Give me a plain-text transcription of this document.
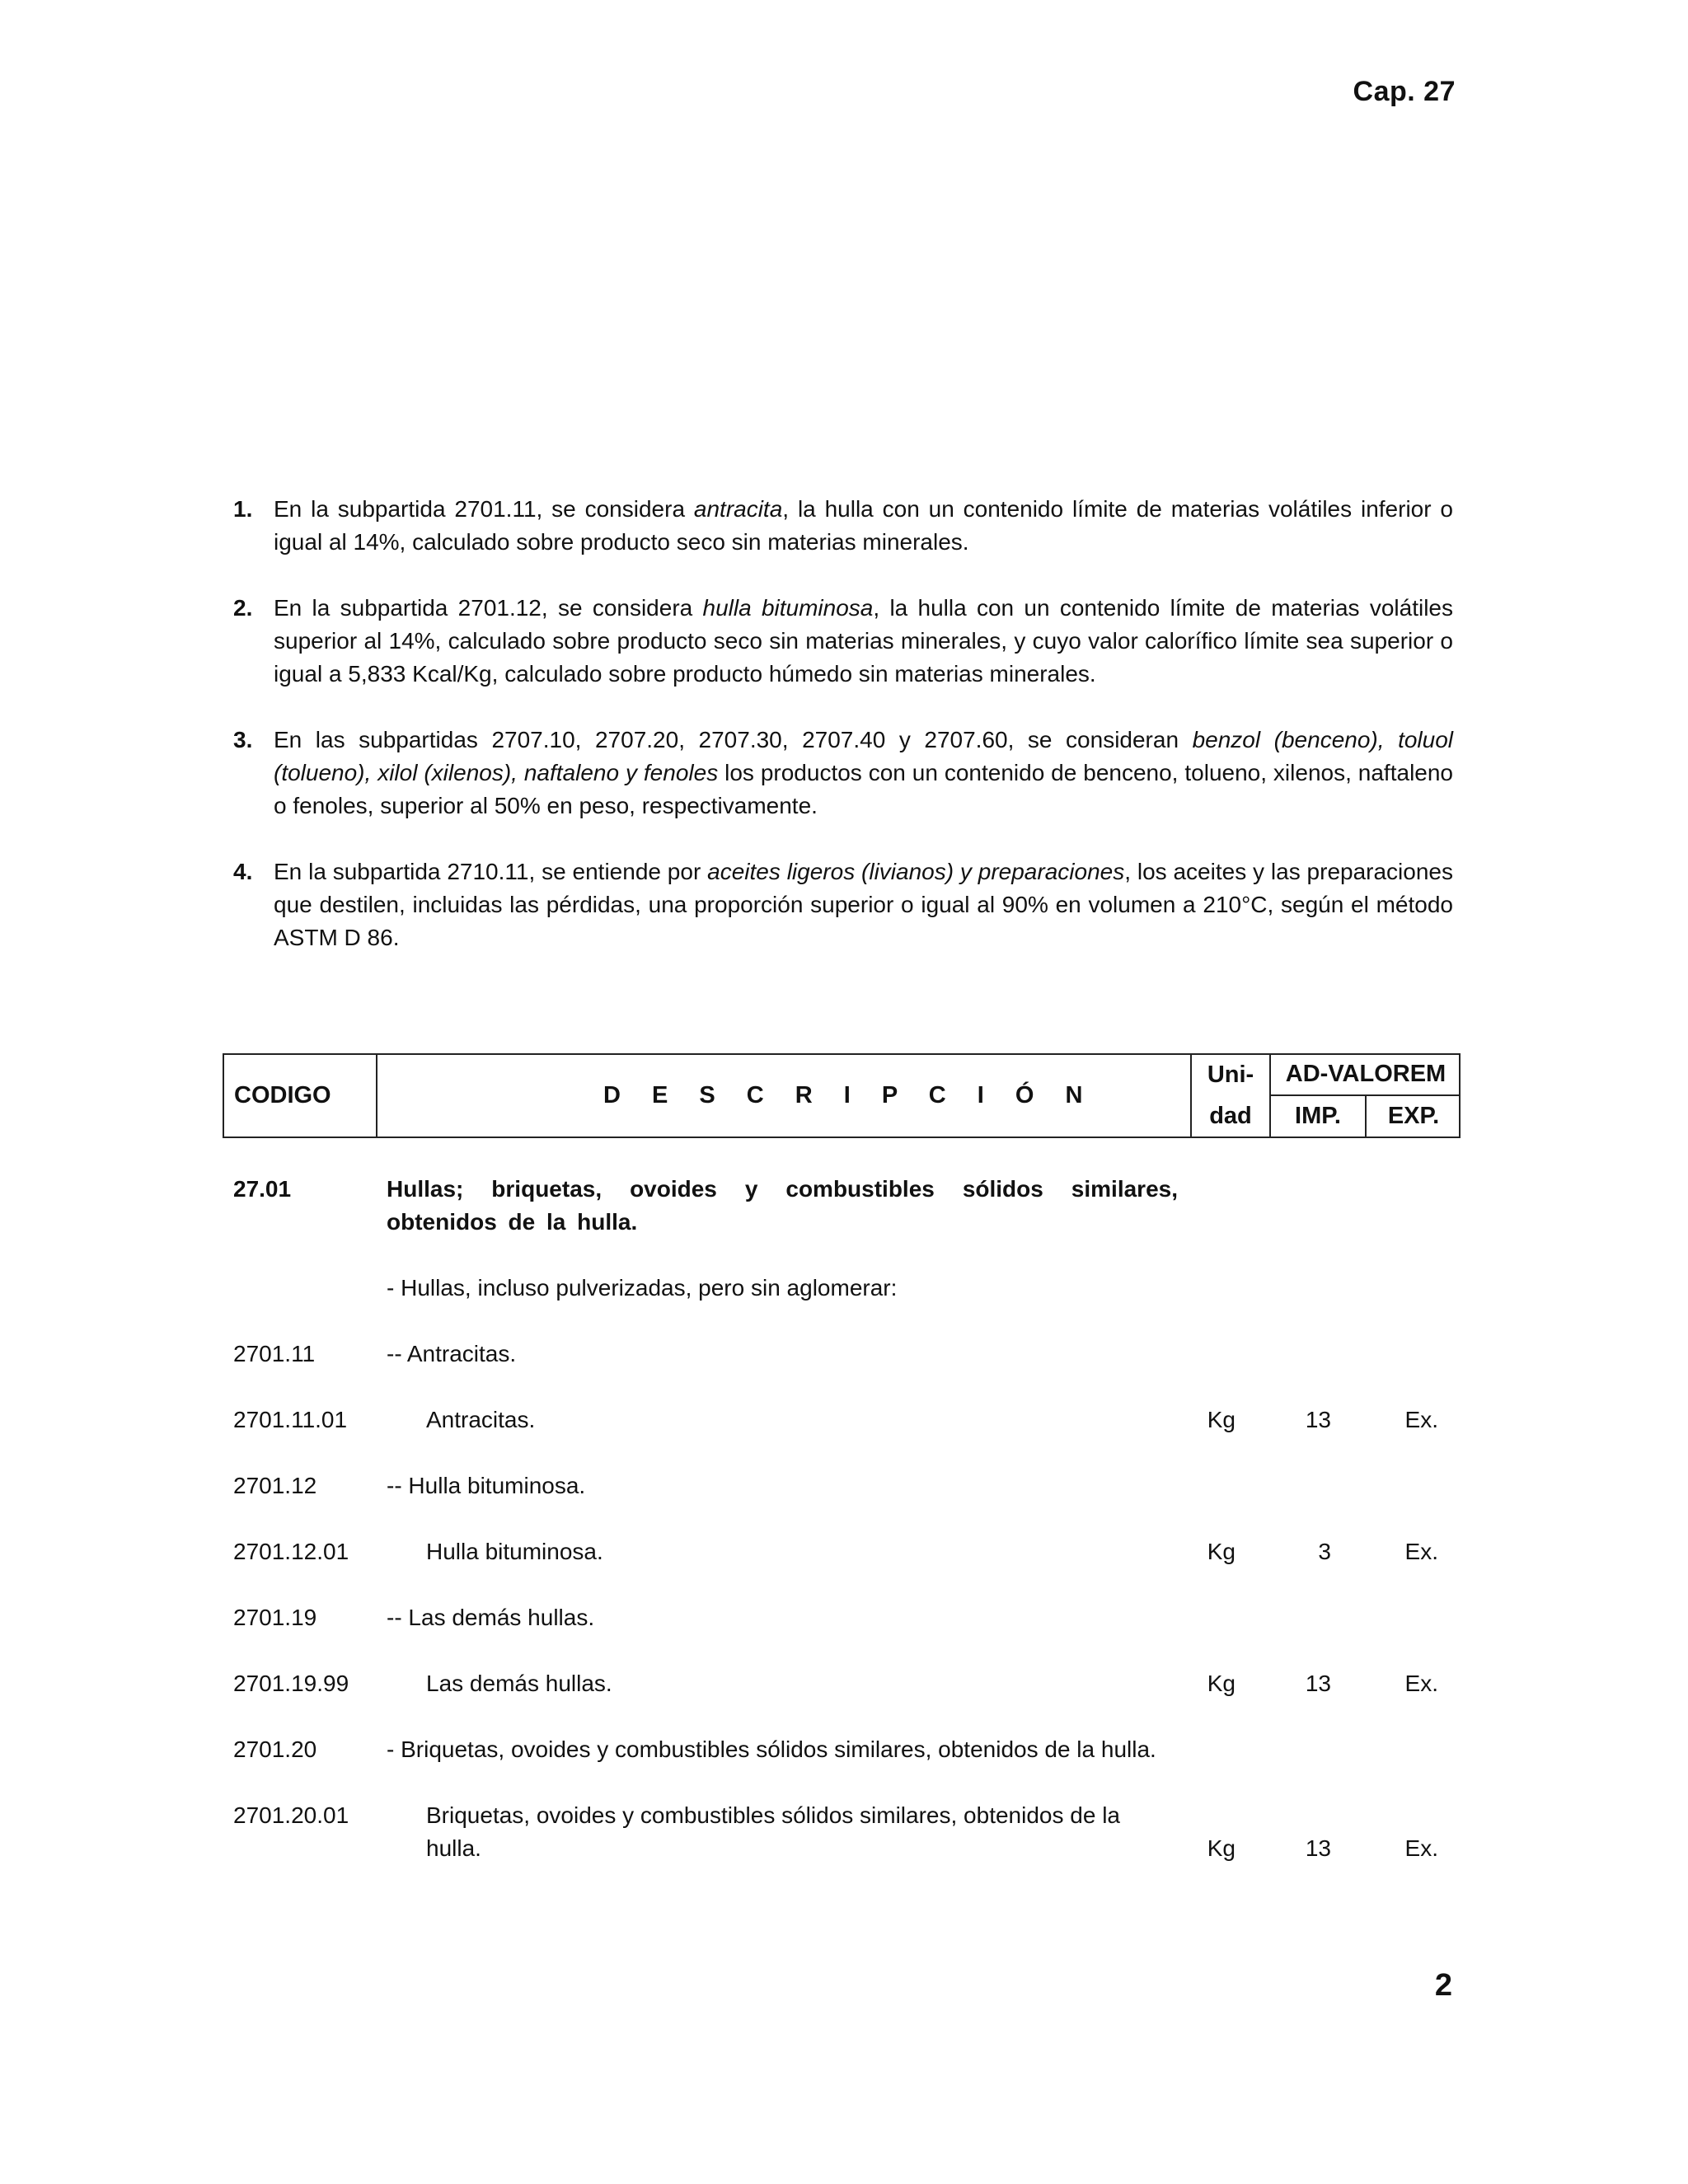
Cap. 27
1. En la subpartida 2701.11, se considera antracita, la hulla con un contenido límite de materias volátiles inferior o igual al 14%, calculado sobre producto seco sin materias minerales.
2. En la subpartida 2701.12, se considera hulla bituminosa, la hulla con un contenido límite de materias volátiles superior al 14%, calculado sobre producto seco sin materias minerales, y cuyo valor calorífico límite sea superior o igual a 5,833 Kcal/Kg, calculado sobre producto húmedo sin materias minerales.
3. En las subpartidas 2707.10, 2707.20, 2707.30, 2707.40 y 2707.60, se consideran benzol (benceno), toluol (tolueno), xilol (xilenos), naftaleno y fenoles los productos con un contenido de benceno, tolueno, xilenos, naftaleno o fenoles, superior al 50% en peso, respectivamente.
4. En la subpartida 2710.11, se entiende por aceites ligeros (livianos) y preparaciones, los aceites y las preparaciones que destilen, incluidas las pérdidas, una proporción superior o igual al 90% en volumen a 210°C, según el método ASTM D 86.
CODIGO	D E S C R I P C I Ó N
Uni-
dad
AD-VALOREM
IMP.	EXP.
27.01	Hullas; briquetas, ovoides y combustibles sólidos similares, obtenidos de la hulla.
- Hullas, incluso pulverizadas, pero sin aglomerar:
2701.11	-- Antracitas.
2701.11.01	Antracitas.	Kg	13	Ex.
2701.12	-- Hulla bituminosa.
2701.12.01	Hulla bituminosa.	Kg	3	Ex.
2701.19	-- Las demás hullas.
2701.19.99	Las demás hullas.	Kg	13	Ex.
2701.20	- Briquetas, ovoides y combustibles sólidos similares, obtenidos de la hulla.
2701.20.01	Briquetas, ovoides y combustibles sólidos similares, obtenidos de la hulla.	Kg	13	Ex.
2
